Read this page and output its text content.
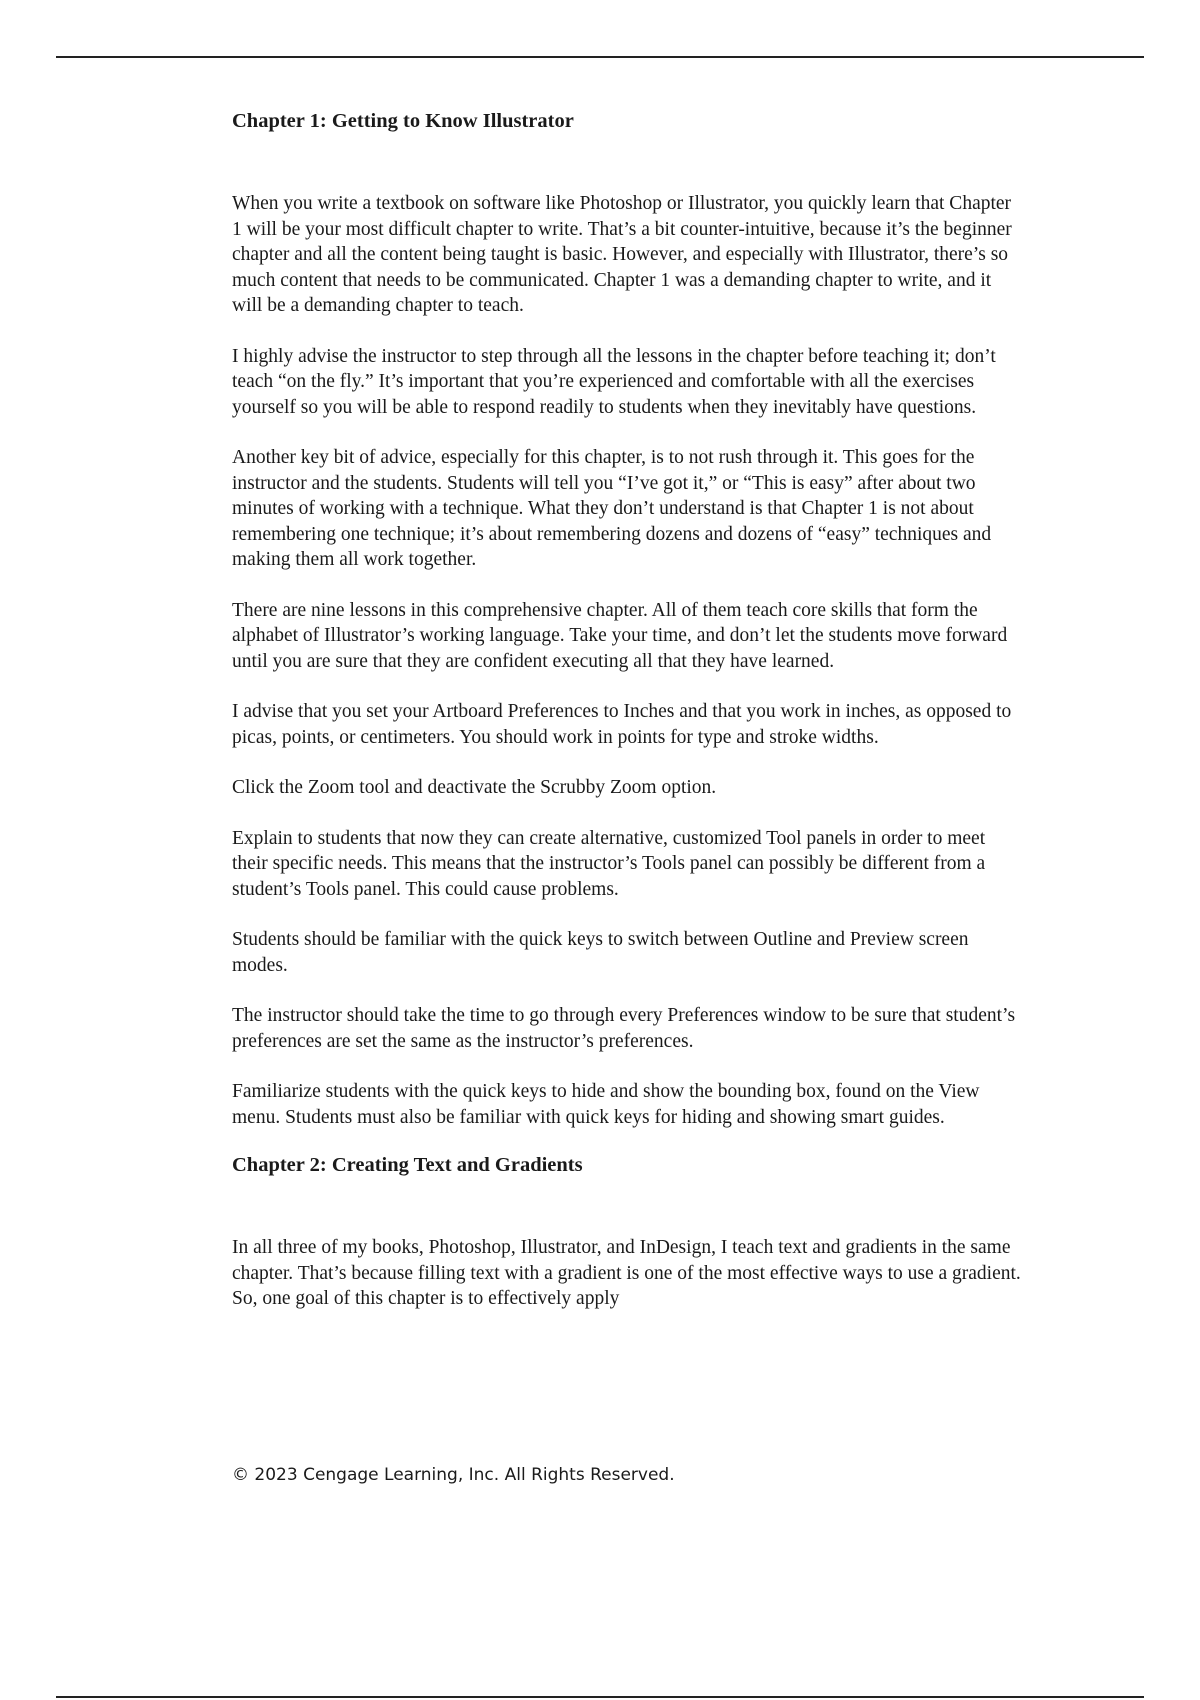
Chapter 1: Getting to Know Illustrator

When you write a textbook on software like Photoshop or Illustrator, you quickly learn that Chapter 1 will be your most difficult chapter to write. That’s a bit counter-intuitive, because it’s the beginner chapter and all the content being taught is basic. However, and especially with Illustrator, there’s so much content that needs to be communicated. Chapter 1 was a demanding chapter to write, and it will be a demanding chapter to teach.

I highly advise the instructor to step through all the lessons in the chapter before teaching it; don’t teach “on the fly.” It’s important that you’re experienced and comfortable with all the exercises yourself so you will be able to respond readily to students when they inevitably have questions.

Another key bit of advice, especially for this chapter, is to not rush through it. This goes for the instructor and the students. Students will tell you “I’ve got it,” or “This is easy” after about two minutes of working with a technique. What they don’t understand is that Chapter 1 is not about remembering one technique; it’s about remembering dozens and dozens of “easy” techniques and making them all work together.

There are nine lessons in this comprehensive chapter. All of them teach core skills that form the alphabet of Illustrator’s working language. Take your time, and don’t let the students move forward until you are sure that they are confident executing all that they have learned.

I advise that you set your Artboard Preferences to Inches and that you work in inches, as opposed to picas, points, or centimeters. You should work in points for type and stroke widths.

Click the Zoom tool and deactivate the Scrubby Zoom option.

Explain to students that now they can create alternative, customized Tool panels in order to meet their specific needs. This means that the instructor’s Tools panel can possibly be different from a student’s Tools panel. This could cause problems.

Students should be familiar with the quick keys to switch between Outline and Preview screen modes.

The instructor should take the time to go through every Preferences window to be sure that student’s preferences are set the same as the instructor’s preferences.

Familiarize students with the quick keys to hide and show the bounding box, found on the View menu. Students must also be familiar with quick keys for hiding and showing smart guides.

Chapter 2: Creating Text and Gradients

In all three of my books, Photoshop, Illustrator, and InDesign, I teach text and gradients in the same chapter. That’s because filling text with a gradient is one of the most effective ways to use a gradient. So, one goal of this chapter is to effectively apply

© 2023 Cengage Learning, Inc. All Rights Reserved.
